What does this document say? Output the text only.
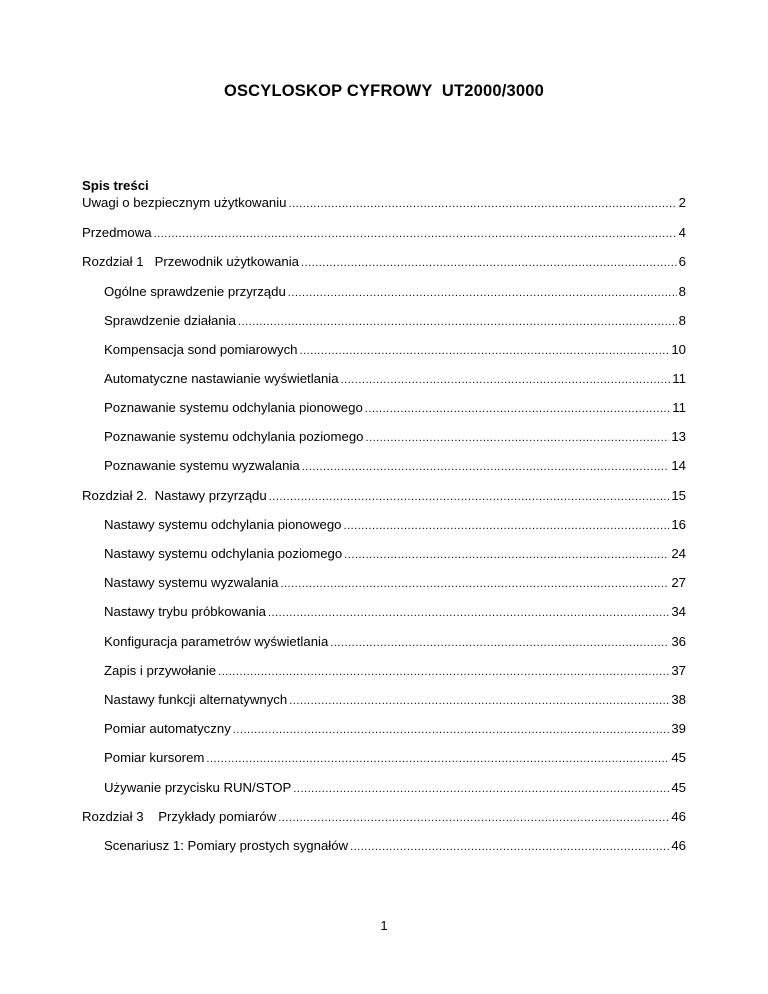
OSCYLOSKOP CYFROWY  UT2000/3000
Spis treści
Uwagi o bezpiecznym użytkowaniu .....	2
Przedmowa .....	4
Rozdział 1   Przewodnik użytkowania .....	6
Ogólne sprawdzenie przyrządu .....	8
Sprawdzenie działania .....	8
Kompensacja sond pomiarowych .....	10
Automatyczne nastawianie wyświetlania .....	11
Poznawanie systemu odchylania pionowego .....	11
Poznawanie systemu odchylania poziomego .....	13
Poznawanie systemu wyzwalania .....	14
Rozdział 2.  Nastawy przyrządu .....	15
Nastawy systemu odchylania pionowego .....	16
Nastawy systemu odchylania poziomego .....	24
Nastawy systemu wyzwalania .....	27
Nastawy trybu próbkowania .....	34
Konfiguracja parametrów wyświetlania .....	36
Zapis i przywołanie .....	37
Nastawy funkcji alternatywnych .....	38
Pomiar automatyczny .....	39
Pomiar kursorem .....	45
Używanie przycisku RUN/STOP .....	45
Rozdział 3    Przykłady pomiarów .....	46
Scenariusz 1: Pomiary prostych sygnałów .....	46
1
